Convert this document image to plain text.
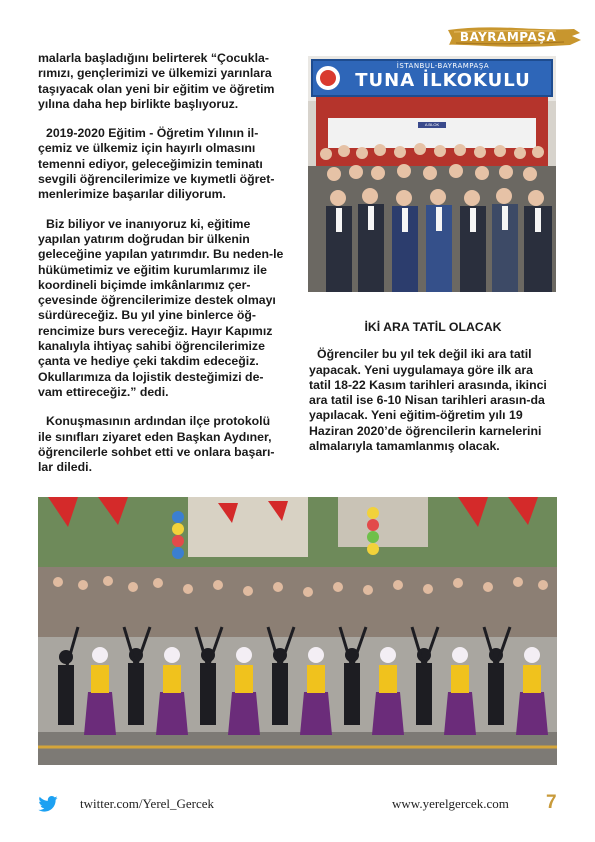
BAYRAMPAŞA

malarla başladığını belirterek “Çocukla-rımızı, gençlerimizi ve ülkemizi yarınlara taşıyacak olan yeni bir eğitim ve öğretim yılına daha hep birlikte başlıyoruz.

2019-2020 Eğitim - Öğretim Yılının il-çemiz ve ülkemiz için hayırlı olmasını temenni ediyor, geleceğimizin teminatı sevgili öğrencilerimize ve kıymetli öğret-menlerimize başarılar diliyorum.

Biz biliyor ve inanıyoruz ki, eğitime yapılan yatırım doğrudan bir ülkenin geleceğine yapılan yatırımdır. Bu neden-le hükümetimiz ve eğitim kurumlarımız ile koordineli biçimde imkânlarımız çer-çevesinde öğrencilerimize destek olmayı sürdüreceğiz. Bu yıl yine binlerce öğ-rencimize burs vereceğiz. Hayır Kapımız kanalıyla ihtiyaç sahibi öğrencilerimize çanta ve hediye çeki takdim edeceğiz. Okullarımıza da lojistik desteğimizi de-vam ettireceğiz.” dedi.

Konuşmasının ardından ilçe protokolü ile sınıfları ziyaret eden Başkan Aydıner, öğrencilerle sohbet etti ve onlara başarı-lar diledi.

İSTANBUL-BAYRAMPAŞA
TUNA İLKOKULU
A BLOK
İKİ ARA TATİL OLACAK

Öğrenciler bu yıl tek değil iki ara tatil yapacak. Yeni uygulamaya göre ilk ara tatil 18-22 Kasım tarihleri arasında, ikinci ara tatil ise 6-10 Nisan tarihleri arasın-da yapılacak. Yeni eğitim-öğretim yılı 19 Haziran 2020’de öğrencilerin karnelerini almalarıyla tamamlanmış olacak.

twitter.com/Yerel_Gercek	www.yerelgercek.com 7
